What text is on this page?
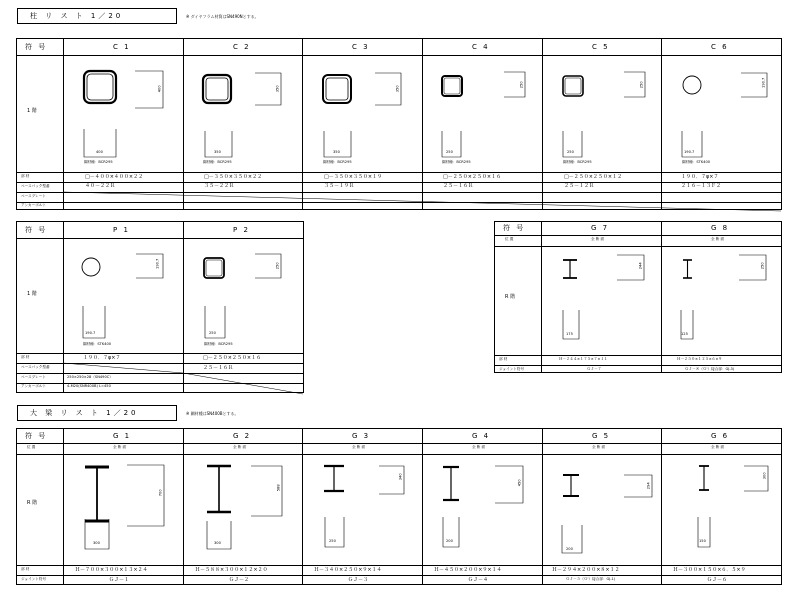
柱 リ ス ト 1／20	※ ダイヤフラム材質はSN490Nとする。
符 号
1 階
部 材
ベースパック型番
ベースプレート
アンカーボルト
C 1
400
400
鋼材種：BCR295
□－４００×４００×２２
４０－２２Ｒ
C 2
350
350
鋼材種：BCR295
□－３５０×３５０×２２
３５－２２Ｒ
C 3
350
350
鋼材種：BCR295
□－３５０×３５０×１９
３５－１９Ｒ
C 4
250
250
鋼材種：BCR295
□－２５０×２５０×１６
２５－１６Ｒ
C 5
250
250
鋼材種：BCR295
□－２５０×２５０×１２
２５－１２Ｒ
C 6
190.7
190.7
鋼材種：STK400
１９０．７φ×７
２１６－１３Ｆ２
符 号
1 階
部 材
ベースパック型番
ベースプレート
アンカーボルト
P 1
190.7
190.7
鋼材種：STK400
１９０．７φ×７
250×250×28（SN490C）
4-M20(SNR400B) L=450
P 2
250
250
鋼材種：BCR295
□－２５０×２５０×１６
２５－１６Ｒ
符 号
位 置
R 階
部 材
ジョイント符号
G 7
全 断 面
244
175
Ｈ－２４４×１７５×７×１１
ＧＪ－７
G 8
全 断 面
250
125
Ｈ－２５０×１２５×６×９
ＧＪ－８（Ｇ'）接合部：GJ-3)
大 梁 リ ス ト 1／20	※ 鋼材種はSN400Bとする。
符 号
位 置
R 階
部 材
ジョイント符号
G 1
全 断 面
700
300
Ｈ－７００×３００×１３×２４
ＧＪ－１
G 2
全 断 面
588
300
Ｈ－５８８×３００×１２×２０
ＧＪ－２
G 3
全 断 面
340
250
Ｈ－３４０×２５０×９×１４
ＧＪ－３
G 4
全 断 面
450
200
Ｈ－４５０×２００×９×１４
ＧＪ－４
G 5
全 断 面
294
200
Ｈ－２９４×２００×８×１２
ＧＪ－５（Ｇ'）接合部：GJ-1)
G 6
全 断 面
300
150
Ｈ－３００×１５０×６．５×９
ＧＪ－６
